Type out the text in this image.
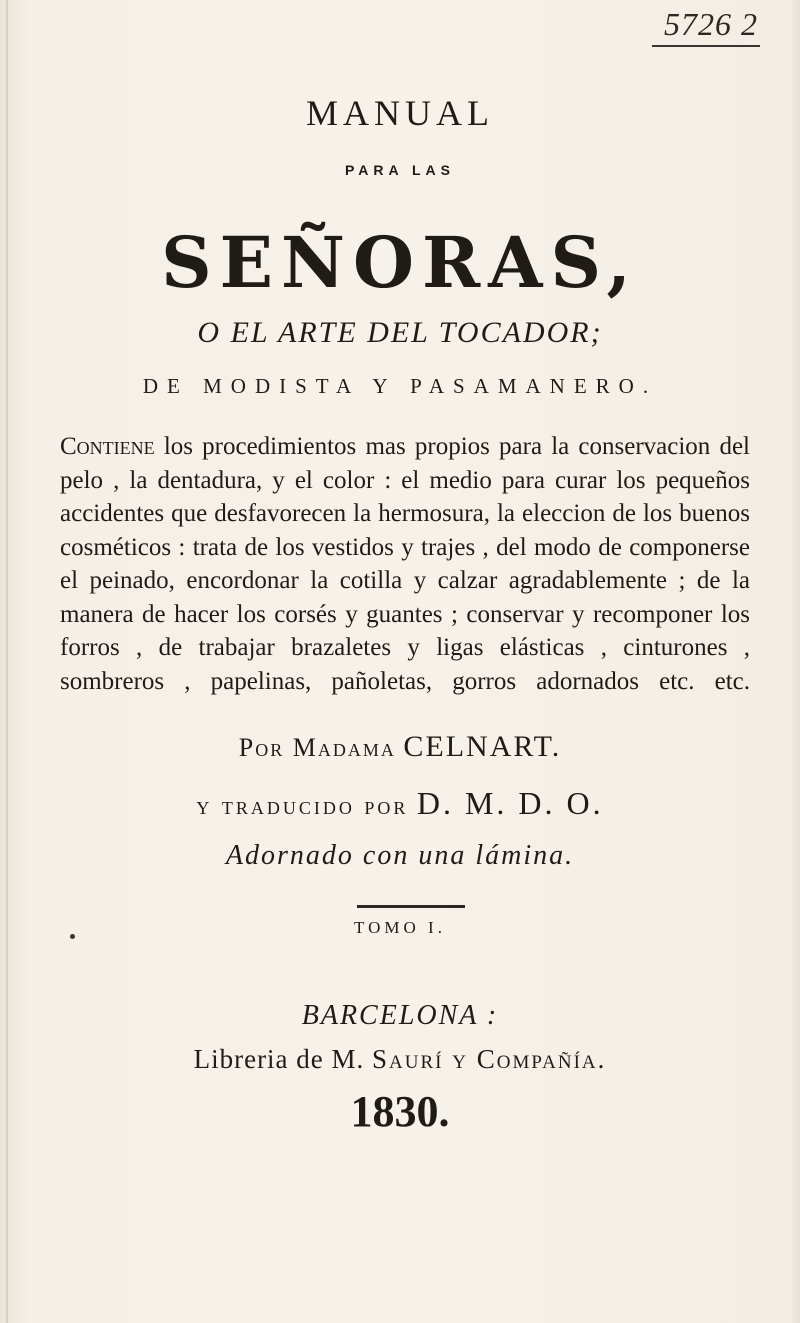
5726 2
MANUAL
PARA LAS
SEÑORAS,
O EL ARTE DEL TOCADOR;
DE MODISTA Y PASAMANERO.

Contiene los procedimientos mas propios para la conservacion del pelo , la dentadura, y el color : el medio para curar los pequeños accidentes que desfavorecen la hermosura, la eleccion de los buenos cosméticos : trata de los vestidos y trajes , del modo de componerse el peinado, encordonar la cotilla y calzar agradablemente ; de la manera de hacer los corsés y guantes ; conservar y recomponer los forros , de trabajar brazaletes y ligas elásticas , cinturones , sombreros , papelinas, pañoletas, gorros adornados etc. etc.

Por Madama CELNART.
y traducido por D. M. D. O.
Adornado con una lámina.
TOMO I.
BARCELONA :
Libreria de M. Saurí y Compañía.
1830.
